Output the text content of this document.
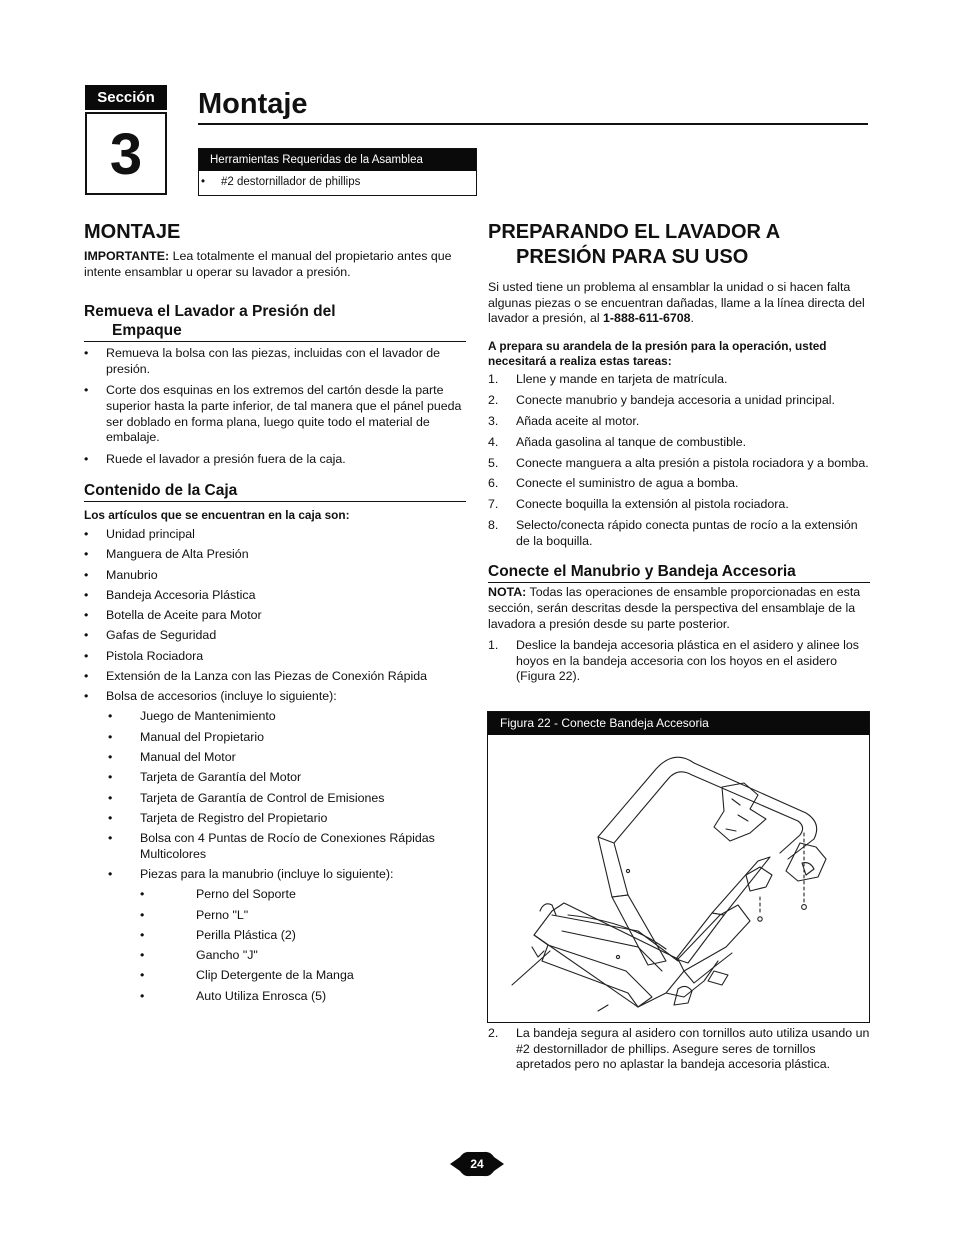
Sección
3
Montaje
Herramientas Requeridas de la Asamblea
• #2 destornillador de phillips
MONTAJE

IMPORTANTE: Lea totalmente el manual del propietario antes que intente ensamblar u operar su lavador a presión.

Remueva el Lavador a Presión del
Empaque
• Remueva la bolsa con las piezas, incluidas con el lavador de presión.
• Corte dos esquinas en los extremos del cartón desde la parte superior hasta la parte inferior, de tal manera que el pánel pueda ser doblado en forma plana, luego quite todo el material de embalaje.
• Ruede el lavador a presión fuera de la caja.
Contenido de la Caja

Los artículos que se encuentran en la caja son:

• Unidad principal
• Manguera de Alta Presión
• Manubrio
• Bandeja Accesoria Plástica
• Botella de Aceite para Motor
• Gafas de Seguridad
• Pistola Rociadora
• Extensión de la Lanza con las Piezas de Conexión Rápida
• Bolsa de accesorios (incluye lo siguiente):
• Juego de Mantenimiento
• Manual del Propietario
• Manual del Motor
• Tarjeta de Garantía del Motor
• Tarjeta de Garantía de Control de Emisiones
• Tarjeta de Registro del Propietario
• Bolsa con 4 Puntas de Rocío de Conexiones Rápidas Multicolores
• Piezas para la manubrio (incluye lo siguiente):
• Perno del Soporte
• Perno "L"
• Perilla Plástica (2)
• Gancho "J"
• Clip Detergente de la Manga
• Auto Utiliza Enrosca (5)
PREPARANDO EL LAVADOR A
PRESIÓN PARA SU USO

Si usted tiene un problema al ensamblar la unidad o si hacen falta algunas piezas o se encuentran dañadas, llame a la línea directa del lavador a presión, al 1-888-611-6708.

A prepara su arandela de la presión para la operación, usted necesitará a realiza estas tareas:

1. Llene y mande en tarjeta de matrícula.
2. Conecte manubrio y bandeja accesoria a unidad principal.
3. Añada aceite al motor.
4. Añada gasolina al tanque de combustible.
5. Conecte manguera a alta presión a pistola rociadora y a bomba.
6. Conecte el suministro de agua a bomba.
7. Conecte boquilla la extensión al pistola rociadora.
8. Selecto/conecta rápido conecta puntas de rocío a la extensión de la boquilla.
Conecte el Manubrio y Bandeja Accesoria

NOTA: Todas las operaciones de ensamble proporcionadas en esta sección, serán descritas desde la perspectiva del ensamblaje de la lavadora a presión desde su parte posterior.

1. Deslice la bandeja accesoria plástica en el asidero y alinee los hoyos en la bandeja accesoria con los hoyos en el asidero (Figura 22).
Figura 22 - Conecte Bandeja Accesoria
2. La bandeja segura al asidero con tornillos auto utiliza usando un #2 destornillador de phillips. Asegure seres de tornillos apretados pero no aplastar la bandeja accesoria plástica.
24
